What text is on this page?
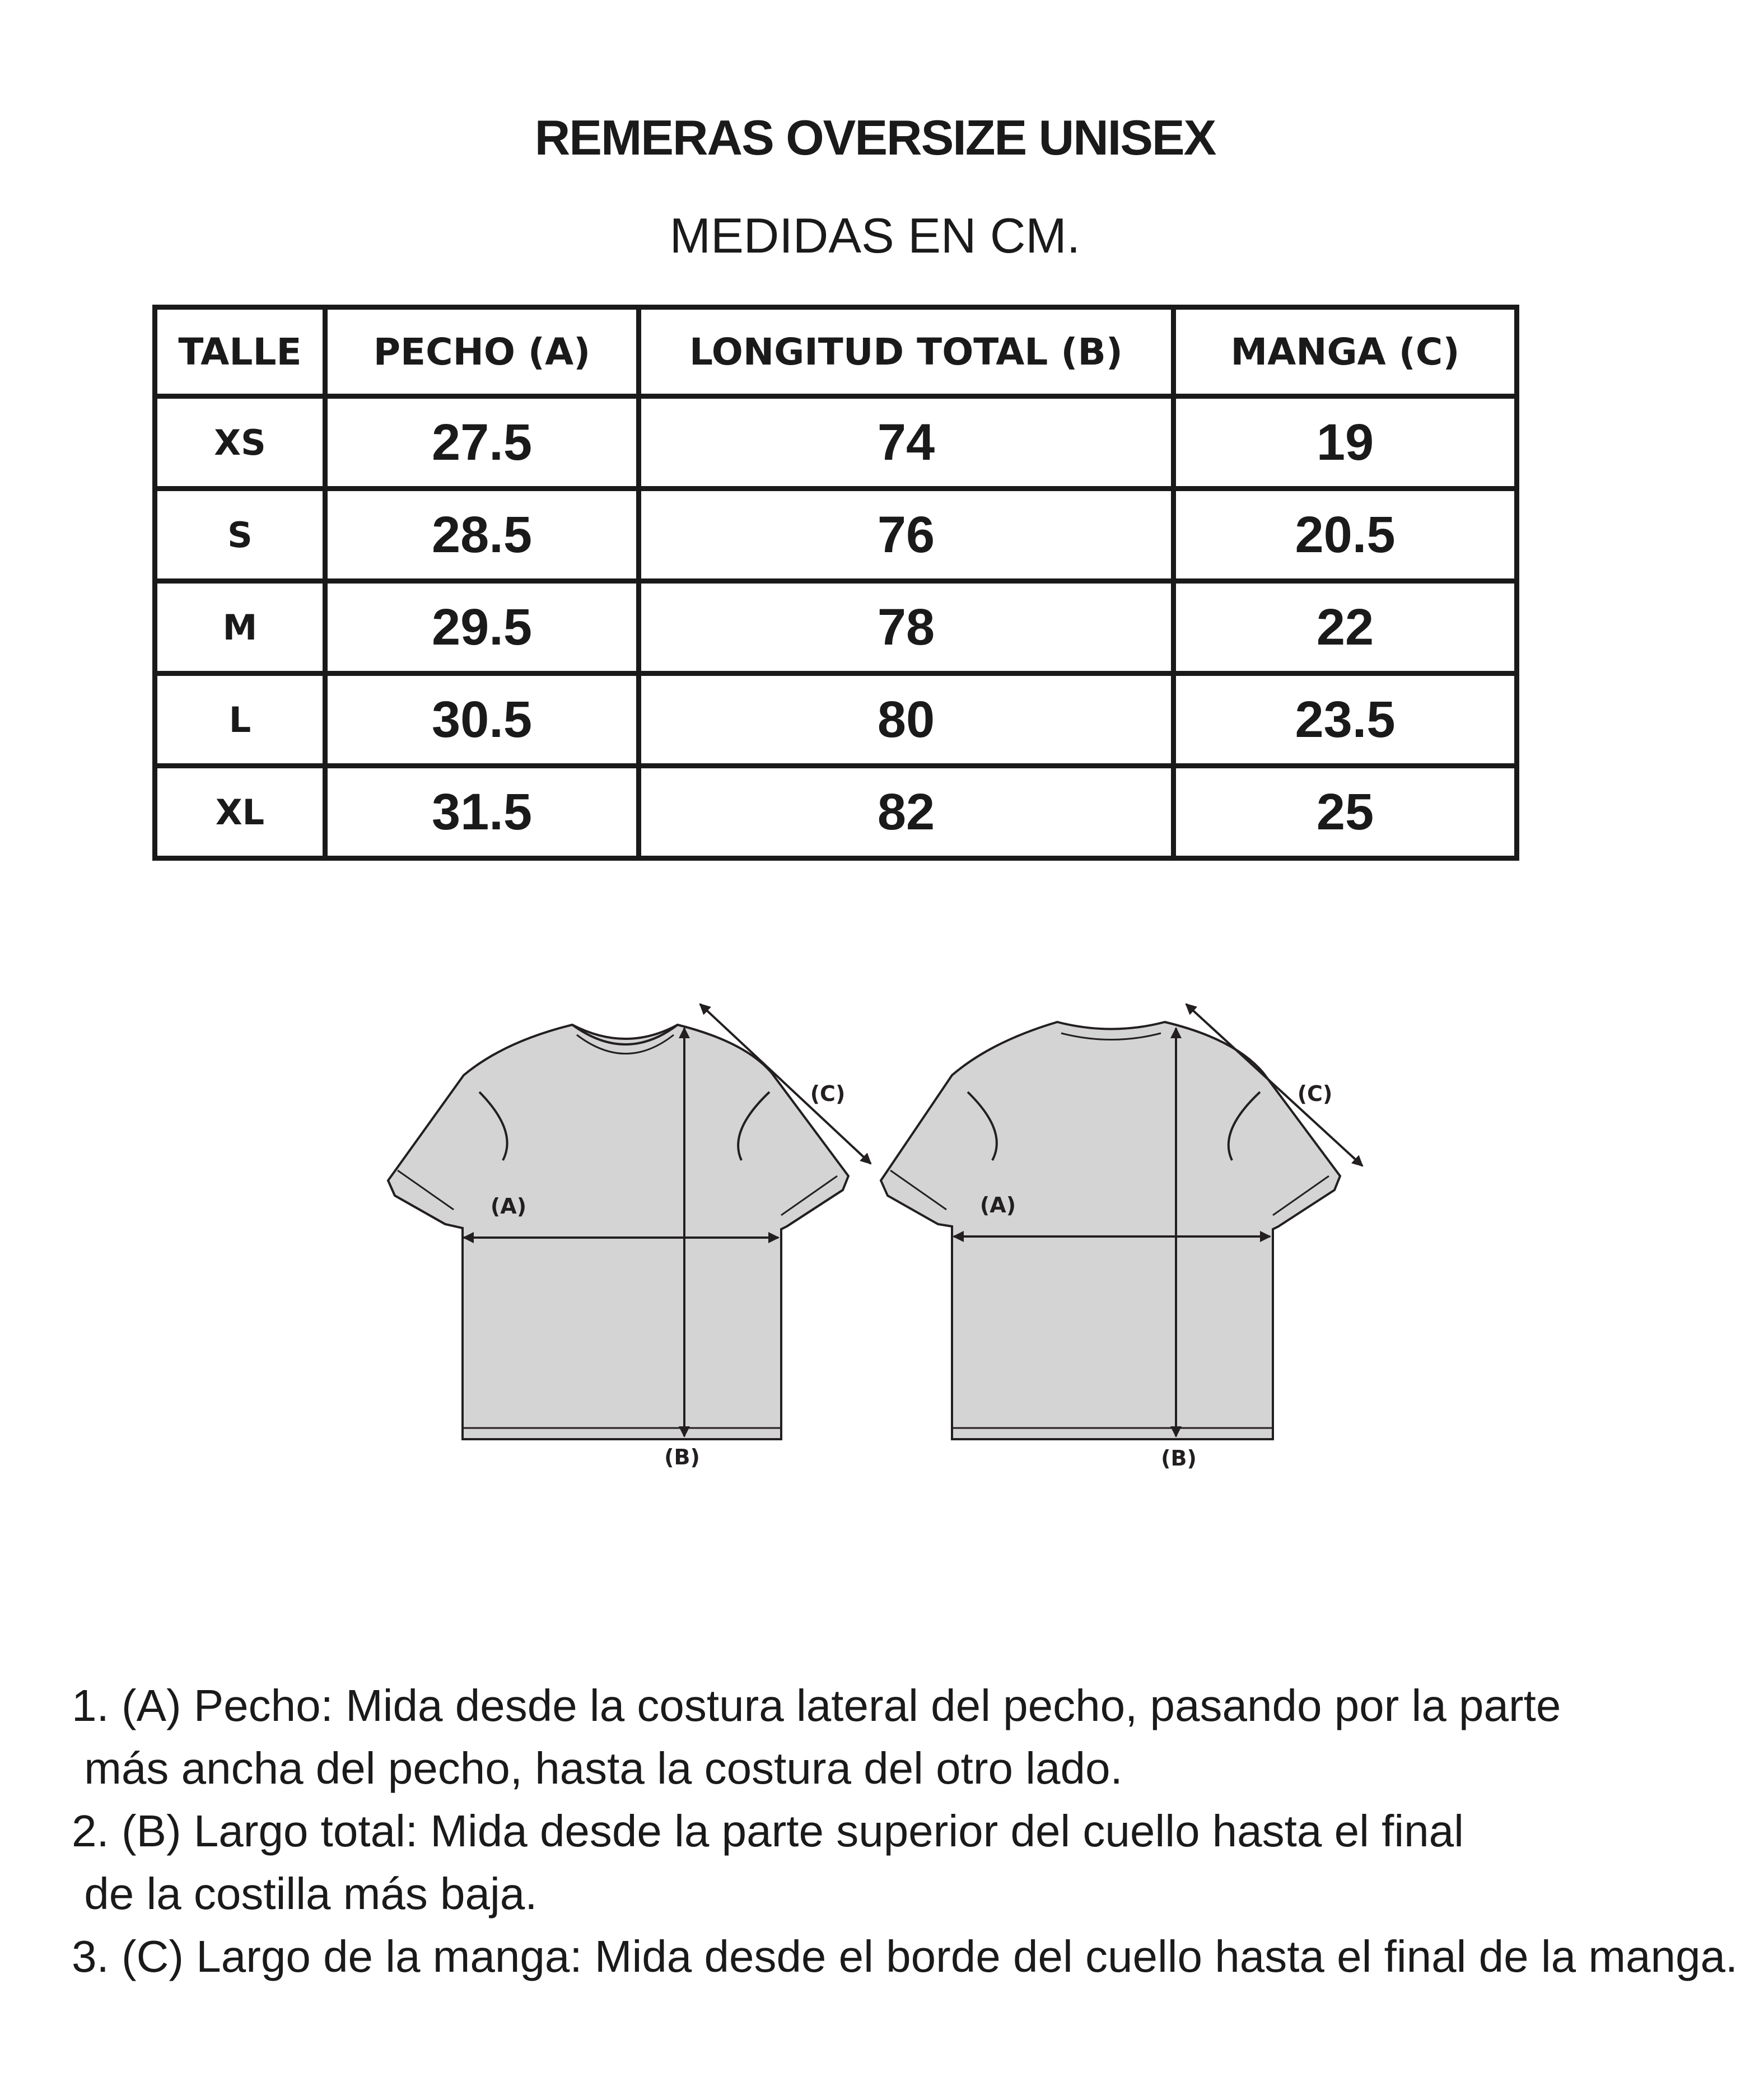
REMERAS OVERSIZE UNISEX
MEDIDAS EN CM.
TALLE	PECHO (A)	LONGITUD TOTAL (B)	MANGA (C)
XS	27.5	74	19
S	28.5	76	20.5
M	29.5	78	22
L	30.5	80	23.5
XL	31.5	82	25
(A)
(B)
(C)
(A)
(B)
(C)

1. (A) Pecho: Mida desde la costura lateral del pecho, pasando por la parte

más ancha del pecho, hasta la costura del otro lado.

2. (B) Largo total: Mida desde la parte superior del cuello hasta el final

de la costilla más baja.

3. (C) Largo de la manga: Mida desde el borde del cuello hasta el final de la manga.
